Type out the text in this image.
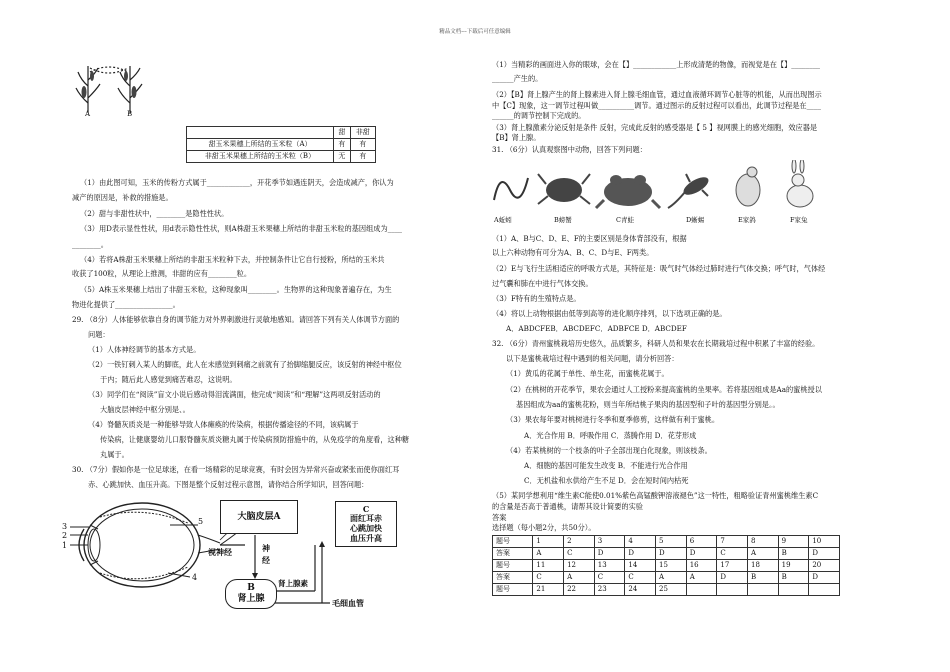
精品文档---下载后可任意编辑
A	B
	甜	非甜
甜玉米果穗上所结的玉米粒（A）	有	有
非甜玉米果穗上所结的玉米粒（B）	无	有
（1）由此图可知，玉米的传粉方式属于____________，开花季节如遇连阴天，会造成减产，你认为
减产的原因是，补救的措施是。
（2）甜与非甜性状中，________是隐性性状。
（3）用D表示显性性状，用d表示隐性性状，则A株甜玉米果穗上所结的非甜玉米粒的基因组成为____
________。
（4）若将A株甜玉米果穗上所结的非甜玉米粒种下去，并控制条件让它自行授粉，所结的玉米共
收获了100粒，从理论上推测，非甜的应有________粒。
（5）A株玉米果穗上结出了非甜玉米粒，这种现象叫________。生物界的这种现象普遍存在，为生
物进化提供了________________。
29. （8分）人体能够依靠自身的调节能力对外界刺激进行灵敏地感知。请回答下列有关人体调节方面的
问题：
（1）人体神经调节的基本方式是。
（2）一铁钉刺入某人的脚底，此人在未感觉到刺痛之前就有了抬脚缩腿反应，该反射的神经中枢位
于内；随后此人感觉到痛苦难忍，这说明。
（3）同学们在“阅读”盲文小说后感动得泪流满面，他完成“阅读”和“理解”这两项反射活动的
大脑皮层神经中枢分别是、。
（4）脊髓灰质炎是一种能够导致人体瘫痪的传染病，根据传播途径的不同，该病属于
传染病，让健康婴幼儿口服脊髓灰质炎糖丸属于传染病预防措施中的，从免疫学的角度看，这种糖
丸属于。
30. （7分）假如你是一位足球迷，在看一场精彩的足球竞赛，有时会因为异常兴奋或紧张而使你面红耳
赤、心跳加快、血压升高。下图是整个反射过程示意图，请你结合所学知识，回答问题：
3
2
1
5
4
大脑皮层A
视神经	神
经
B
肾上腺
肾上腺素
毛细血管
C
面红耳赤
心跳加快
血压升高
（1）当精彩的画面进入你的眼球，会在【】____________上形成清楚的物像，而视觉是在【】________
______产生的。
（2）【B】肾上腺产生的肾上腺素进入肾上腺毛细血管，通过血液循环调节心脏等的机能，从而出现图示
中【C】现象，这一调节过程叫做__________调节。通过图示的反射过程可以看出，此调节过程是在____
______的调节控制下完成的。
（3）肾上腺激素分泌反射是条件 反射，完成此反射的感受器是【 5 】视网膜上的感光细胞，效应器是
【B】肾上腺。
31. （6分）认真观察图中动物，回答下列问题：
A蚯蚓	B螃蟹	C青蛙	D蜥蜴	E家鸽	F家兔
（1）A、B与C、D、E、F的主要区别是身体背部没有，根据
以上六种动物有可分为A、B、C、D与E、F两类。
（2）E与飞行生活相适应的呼吸方式是，其特征是：吸气时气体经过肺时进行气体交换；呼气时，气体经
过气囊和肺在中进行气体交换。
（3）F特有的生殖特点是。
（4）将以上动物根据由低等到高等的进化顺序排列，以下选项正确的是。
A．ABDCFEB．ABCDEFC．ADBFCE D．ABCDEF
32. （6分）青州蜜桃栽培历史悠久，品质繁多，科研人员和果农在长期栽培过程中积累了丰富的经验。
以下是蜜桃栽培过程中遇到的相关问题，请分析回答：
（1）黄瓜的花属于单性、单生花，而蜜桃花属于。
（2）在桃树的开花季节，果农会通过人工授粉来提高蜜桃的坐果率。若将基因组成是Aa的蜜桃授以
基因组成为aa的蜜桃花粉，则当年所结桃子果肉的基因型和子叶的基因型分别是。。
（3）果农每年要对桃树进行冬季和夏季修剪，这样做有利于蜜桃。
A．光合作用 B．呼吸作用 C．蒸腾作用 D．花芽形成
（4）若某桃树的一个枝条的叶子全部出现白化现象，则该枝条。
A．细胞的基因可能发生改变 B．不能进行光合作用
C．无机盐和水供给产生不足 D．会在短时间内枯死
（5）某同学想利用“维生素C能使0.01%紫色高锰酸钾溶液褪色”这一特性，粗略验证青州蜜桃维生素C
的含量是否高于普通桃，请帮其设计简要的实验
答案
选择题（每小题2分，共50分）。
题号	1	2	3	4	5	6	7	8	9	10
答案	A	C	D	D	D	D	C	A	B	D
题号	11	12	13	14	15	16	17	18	19	20
答案	C	A	C	C	A	A	D	B	B	D
题号	21	22	23	24	25					
